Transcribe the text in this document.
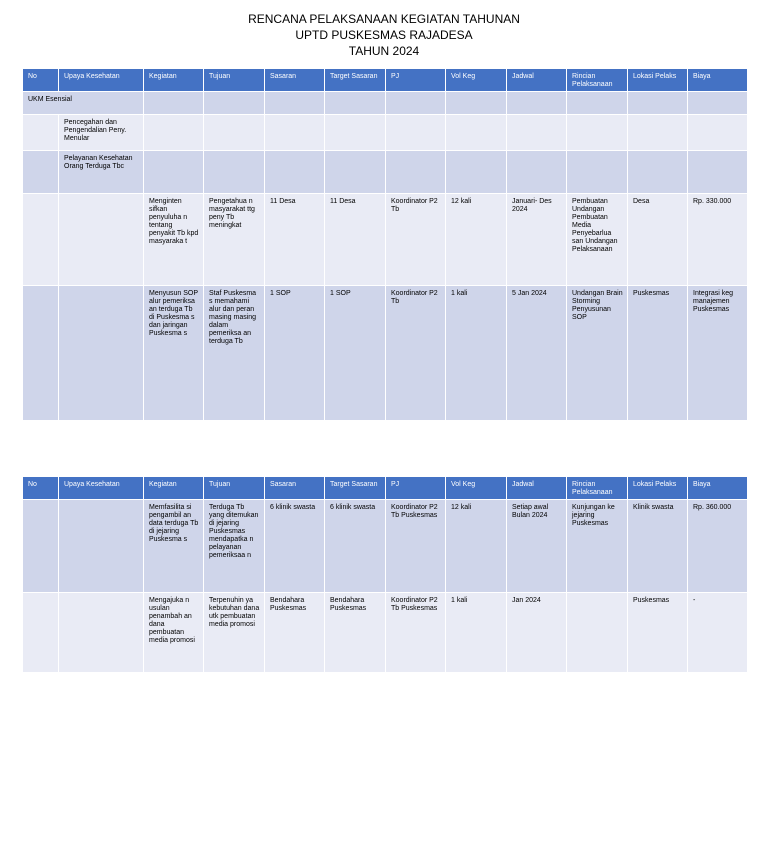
RENCANA PELAKSANAAN KEGIATAN TAHUNAN
UPTD PUSKESMAS RAJADESA
TAHUN 2024
No	Upaya Kesehatan	Kegiatan	Tujuan	Sasaran	Target Sasaran	PJ	Vol Keg	Jadwal	Rincian Pelaksanaan	Lokasi Pelaks	Biaya
UKM Esensial											
	Pencegahan dan Pengendalian Peny. Menular										
	Pelayanan Kesehatan Orang Terduga Tbc										
		Menginten sifkan penyuluha n tentang penyakit Tb kpd masyaraka t	Pengetahua n masyarakat ttg peny Tb meningkat	11 Desa	11 Desa	Koordinator P2 Tb	12 kali	Januari- Des 2024	Pembuatan Undangan Pembuatan Media Penyebarlua san Undangan Pelaksanaan	Desa	Rp. 330.000
		Menyusun SOP alur pemeriksa an terduga Tb di Puskesma s dan jaringan Puskesma s	Staf Puskesma s memahami alur dan peran masing masing dalam pemeriksa an terduga Tb	1 SOP	1 SOP	Koordinator P2 Tb	1 kali	5 Jan 2024	Undangan Brain Storming Penyusunan SOP	Puskesmas	Integrasi keg manajemen Puskesmas
No	Upaya Kesehatan	Kegiatan	Tujuan	Sasaran	Target Sasaran	PJ	Vol Keg	Jadwal	Rincian Pelaksanaan	Lokasi Pelaks	Biaya
		Memfasilita si pengambil an data terduga Tb di jejaring Puskesma s	Terduga Tb yang ditemukan di jejaring Puskesmas mendapatka n pelayanan pemeriksaa n	6 klinik swasta	6 klinik swasta	Koordinator P2 Tb Puskesmas	12 kali	Setiap awal Bulan 2024	Kunjungan ke jejaring Puskesmas	Klinik swasta	Rp. 360.000
		Mengajuka n usulan penambah an dana pembuatan media promosi	Terpenuhin ya kebutuhan dana utk pembuatan media promosi	Bendahara Puskesmas	Bendahara Puskesmas	Koordinator P2 Tb Puskesmas	1 kali	Jan 2024		Puskesmas	-
